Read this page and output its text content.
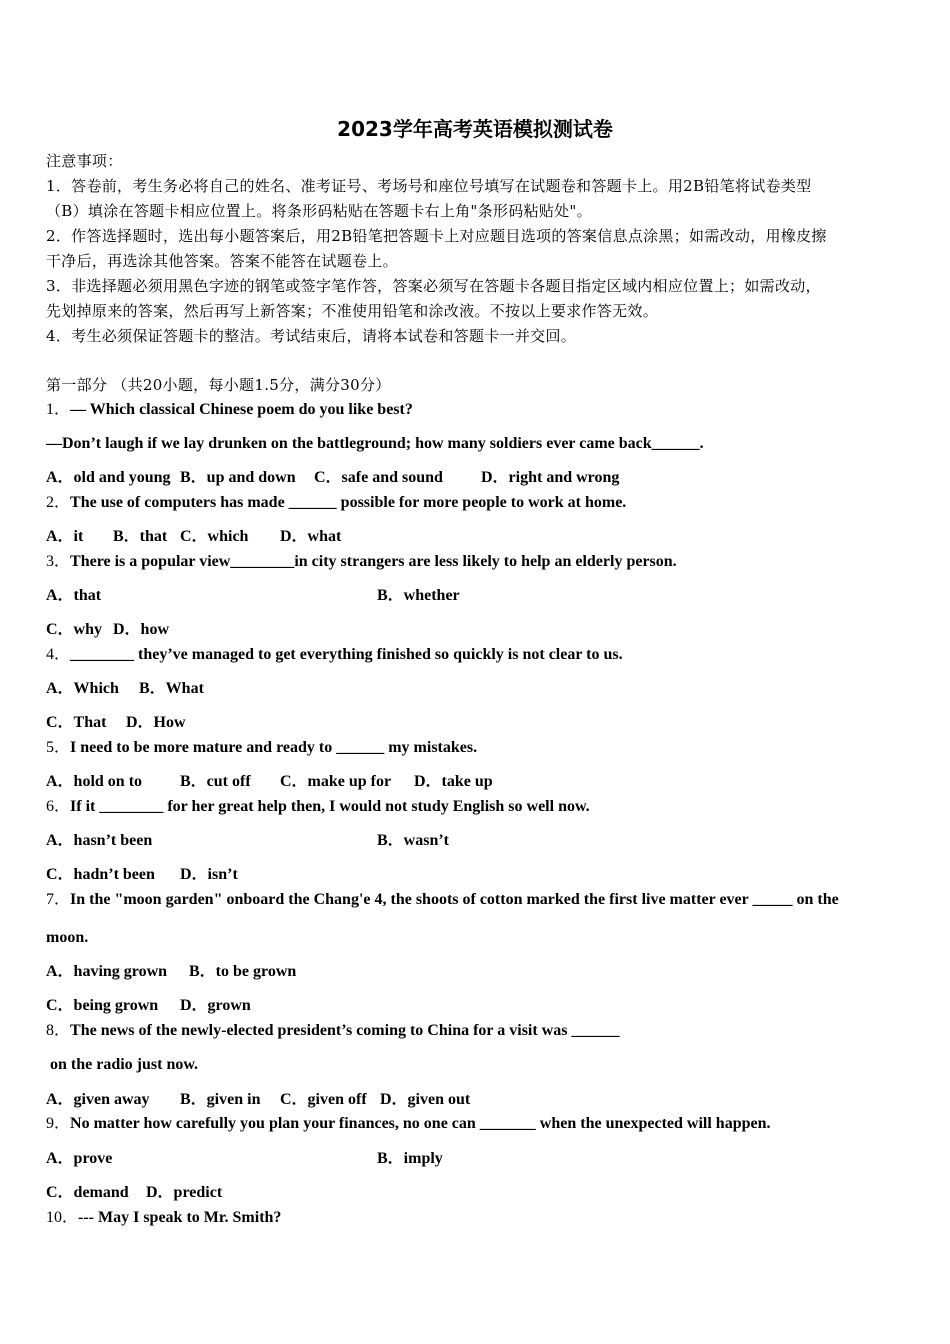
2023学年高考英语模拟测试卷
注意事项：
1．答卷前，考生务必将自己的姓名、准考证号、考场号和座位号填写在试题卷和答题卡上。用2B铅笔将试卷类型
（B）填涂在答题卡相应位置上。将条形码粘贴在答题卡右上角"条形码粘贴处"。
2．作答选择题时，选出每小题答案后，用2B铅笔把答题卡上对应题目选项的答案信息点涂黑；如需改动，用橡皮擦
干净后，再选涂其他答案。答案不能答在试题卷上。
3．非选择题必须用黑色字迹的钢笔或签字笔作答，答案必须写在答题卡各题目指定区域内相应位置上；如需改动，
先划掉原来的答案，然后再写上新答案；不准使用铅笔和涂改液。不按以上要求作答无效。
4．考生必须保证答题卡的整洁。考试结束后，请将本试卷和答题卡一并交回。
第一部分 （共20小题，每小题1.5分，满分30分）
1．— Which classical Chinese poem do you like best?
—Don’t laugh if we lay drunken on the battleground; how many soldiers ever came back______.
A．old and young B．up and down C．safe and sound D．right and wrong
2．The use of computers has made ______ possible for more people to work at home.
A．it B．that C．which D．what
3．There is a popular view________in city strangers are less likely to help an elderly person.
A．that	B．whether
C．why D．how
4．________ they’ve managed to get everything finished so quickly is not clear to us.
A．Which B．What
C．That D．How
5．I need to be more mature and ready to ______ my mistakes.
A．hold on to B．cut off C．make up for D．take up
6．If it ________ for her great help then, I would not study English so well now.
A．hasn’t been	B．wasn’t
C．hadn’t been D．isn’t
7．In the "moon garden" onboard the Chang'e 4, the shoots of cotton marked the first live matter ever _____ on the
moon.
A．having grown B．to be grown
C．being grown D．grown
8．The news of the newly-elected president’s coming to China for a visit was ______
on the radio just now.
A．given away B．given in C．given off D．given out
9．No matter how carefully you plan your finances, no one can _______ when the unexpected will happen.
A．prove	B．imply
C．demand D．predict
10．--- May I speak to Mr. Smith?
